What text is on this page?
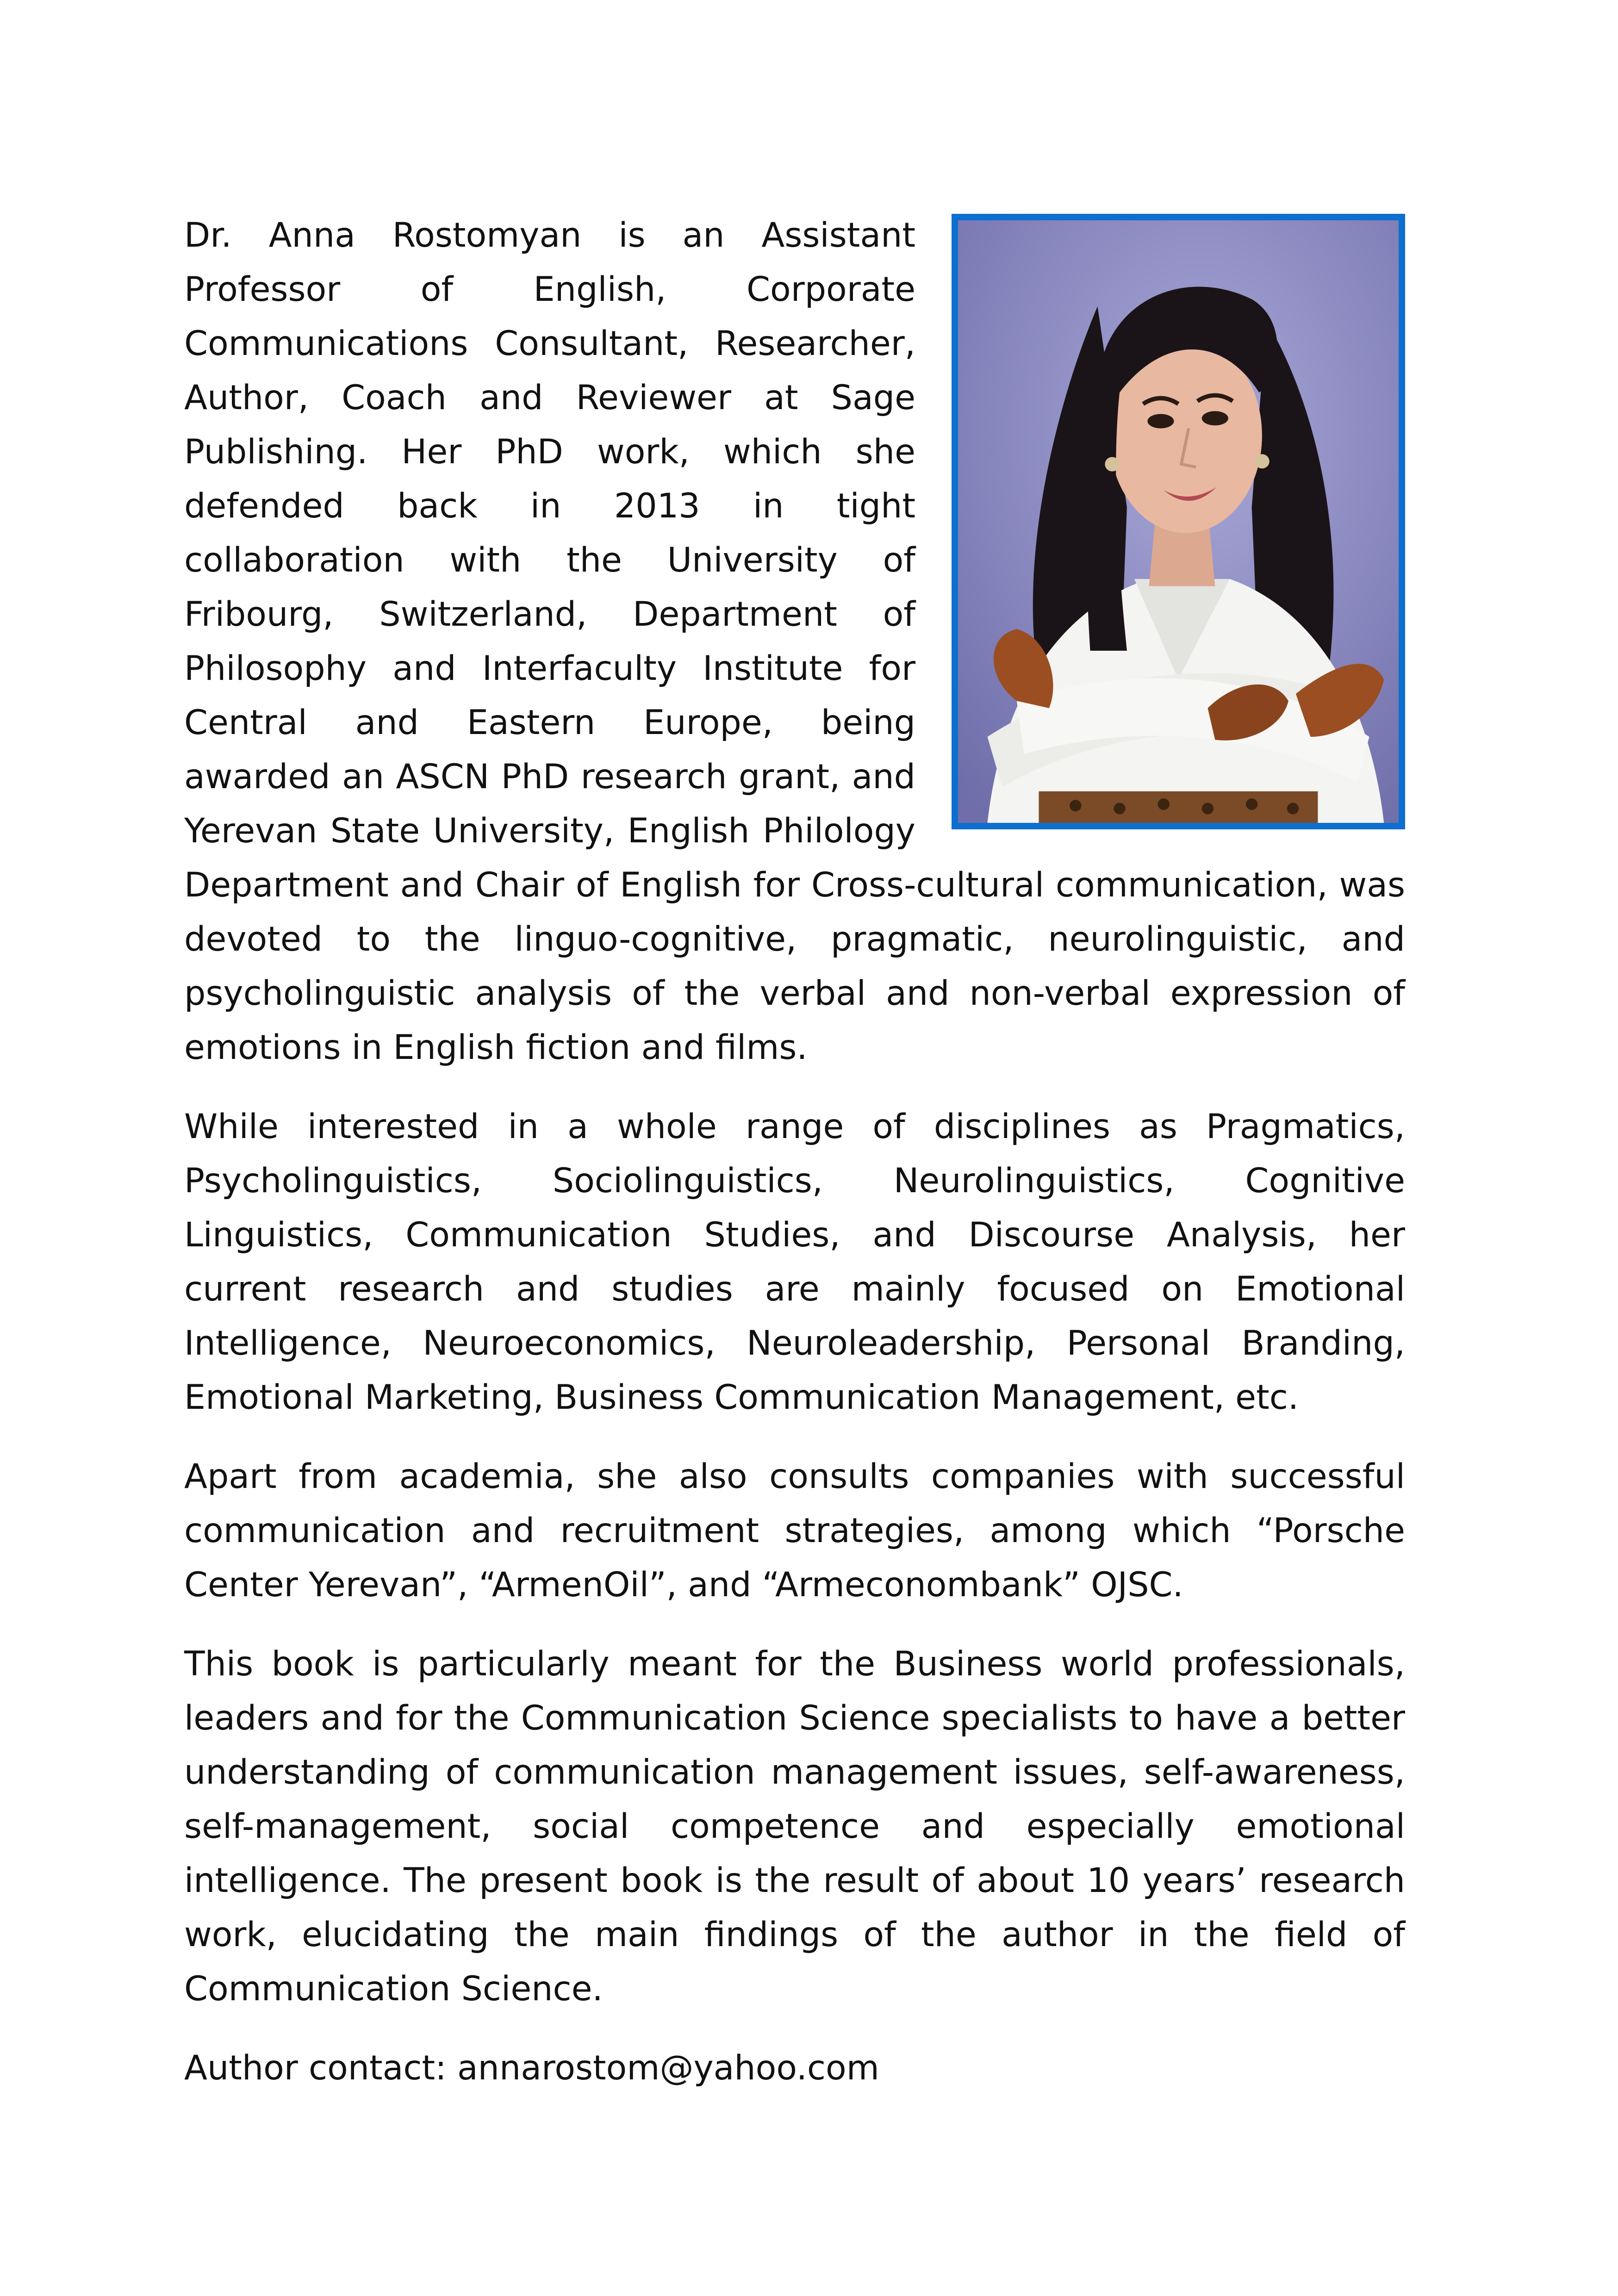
Dr. Anna Rostomyan is an Assistant Professor of English, Corporate Communications Consultant, Researcher, Author, Coach and Reviewer at Sage Publishing. Her PhD work, which she defended back in 2013 in tight collaboration with the University of Fribourg, Switzerland, Department of Philosophy and Interfaculty Institute for Central and Eastern Europe, being awarded an ASCN PhD research grant, and Yerevan State University, English Philology Department and Chair of English for Cross-cultural communication, was devoted to the linguo-cognitive, pragmatic, neurolinguistic, and psycholinguistic analysis of the verbal and non-verbal expression of emotions in English fiction and films.

While interested in a whole range of disciplines as Pragmatics, Psycholinguistics, Sociolinguistics, Neurolinguistics, Cognitive Linguistics, Communication Studies, and Discourse Analysis, her current research and studies are mainly focused on Emotional Intelligence, Neuroeconomics, Neuroleadership, Personal Branding, Emotional Marketing, Business Communication Management, etc.

Apart from academia, she also consults companies with successful communication and recruitment strategies, among which “Porsche Center Yerevan”, “ArmenOil”, and “Armeconombank” OJSC.

This book is particularly meant for the Business world professionals, leaders and for the Communication Science specialists to have a better understanding of communication management issues, self-awareness, self-management, social competence and especially emotional intelligence. The present book is the result of about 10 years’ research work, elucidating the main findings of the author in the field of Communication Science.

Author contact: annarostom@yahoo.com
